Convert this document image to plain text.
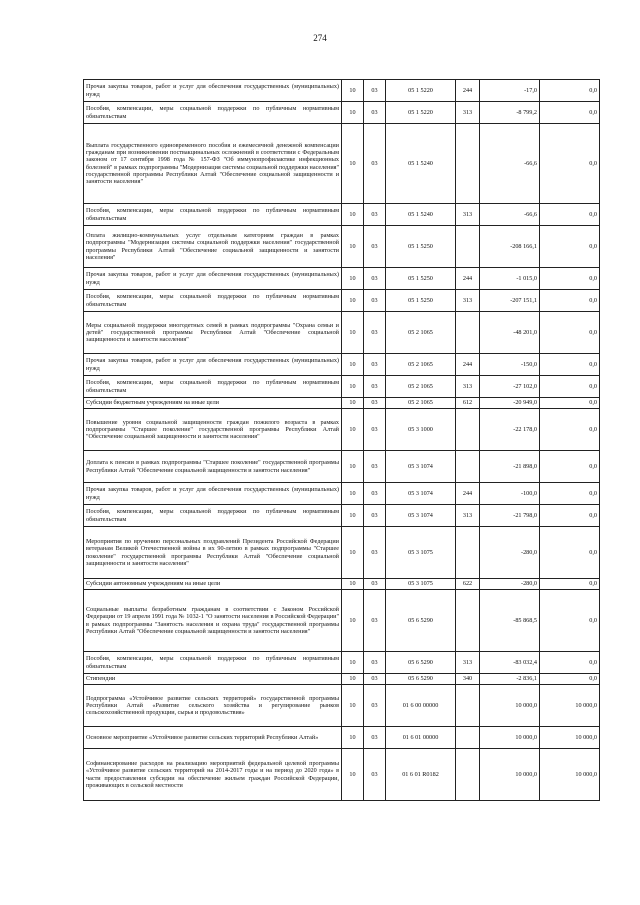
274
Прочая закупка товаров, работ и услуг для обеспечения государственных (муниципальных) нужд	10	03	05 1 5220	244	-17,0	0,0
Пособия, компенсации, меры социальной поддержки по публичным нормативным обязательствам	10	03	05 1 5220	313	-8 799,2	0,0
Выплата государственного единовременного пособия и ежемесячной денежной компенсации гражданам при возникновении поствакцинальных осложнений в соответствии с Федеральным законом от 17 сентября 1998 года № 157-ФЗ "Об иммунопрофилактике инфекционных болезней" в рамках подпрограммы "Модернизация системы социальной поддержки населения" государственной программы Республики Алтай "Обеспечение социальной защищенности и занятости населения"	10	03	05 1 5240		-66,6	0,0
Пособия, компенсации, меры социальной поддержки по публичным нормативным обязательствам	10	03	05 1 5240	313	-66,6	0,0
Оплата жилищно-коммунальных услуг отдельным категориям граждан в рамках подпрограммы "Модернизация системы социальной поддержки населения" государственной программы Республики Алтай "Обеспечение социальной защищенности и занятости населения"	10	03	05 1 5250		-208 166,1	0,0
Прочая закупка товаров, работ и услуг для обеспечения государственных (муниципальных) нужд	10	03	05 1 5250	244	-1 015,0	0,0
Пособия, компенсации, меры социальной поддержки по публичным нормативным обязательствам	10	03	05 1 5250	313	-207 151,1	0,0
Меры социальной поддержки многодетных семей в рамках подпрограммы "Охрана семьи и детей" государственной программы Республики Алтай "Обеспечение социальной защищенности и занятости населения"	10	03	05 2 1065		-48 201,0	0,0
Прочая закупка товаров, работ и услуг для обеспечения государственных (муниципальных) нужд	10	03	05 2 1065	244	-150,0	0,0
Пособия, компенсации, меры социальной поддержки по публичным нормативным обязательствам	10	03	05 2 1065	313	-27 102,0	0,0
Субсидии бюджетным учреждениям на иные цели	10	03	05 2 1065	612	-20 949,0	0,0
Повышение уровня социальной защищенности граждан пожилого возраста в рамках подпрограммы "Старшее поколение" государственной программы Республики Алтай "Обеспечение социальной защищенности и занятости населения"	10	03	05 3 1000		-22 178,0	0,0
Доплата к пенсии в рамках подпрограммы "Старшее поколение" государственной программы Республики Алтай "Обеспечение социальной защищенности и занятости населения"	10	03	05 3 1074		-21 898,0	0,0
Прочая закупка товаров, работ и услуг для обеспечения государственных (муниципальных) нужд	10	03	05 3 1074	244	-100,0	0,0
Пособия, компенсации, меры социальной поддержки по публичным нормативным обязательствам	10	03	05 3 1074	313	-21 798,0	0,0
Мероприятия по вручению персональных поздравлений Президента Российской Федерации ветеранам Великой Отечественной войны в их 90-летию в рамках подпрограммы "Старшее поколение" государственной программы Республики Алтай "Обеспечение социальной защищенности и занятости населения"	10	03	05 3 1075		-280,0	0,0
Субсидии автономным учреждениям на иные цели	10	03	05 3 1075	622	-280,0	0,0
Социальные выплаты безработным гражданам в соответствии с Законом Российской Федерации от 19 апреля 1991 года № 1032-1 "О занятости населения в Российской Федерации" в рамках подпрограммы "Занятость населения и охрана труда" государственной программы Республики Алтай "Обеспечение социальной защищенности и занятости населения"	10	03	05 6 5290		-85 868,5	0,0
Пособия, компенсации, меры социальной поддержки по публичным нормативным обязательствам	10	03	05 6 5290	313	-83 032,4	0,0
Стипендии	10	03	05 6 5290	340	-2 836,1	0,0
Подпрограмма «Устойчивое развитие сельских территорий» государственной программы Республики Алтай «Развитие сельского хозяйства и регулирование рынков сельскохозяйственной продукции, сырья и продовольствия»	10	03	01 6 00 00000		10 000,0	10 000,0
Основное мероприятие «Устойчивое развитие сельских территорий Республики Алтай»	10	03	01 6 01 00000		10 000,0	10 000,0
Софинансирование расходов на реализацию мероприятий федеральной целевой программы «Устойчивое развитие сельских территорий на 2014-2017 годы и на период до 2020 года» в части предоставления субсидии на обеспечение жильем граждан Российской Федерации, проживающих в сельской местности	10	03	01 6 01 R0182		10 000,0	10 000,0
